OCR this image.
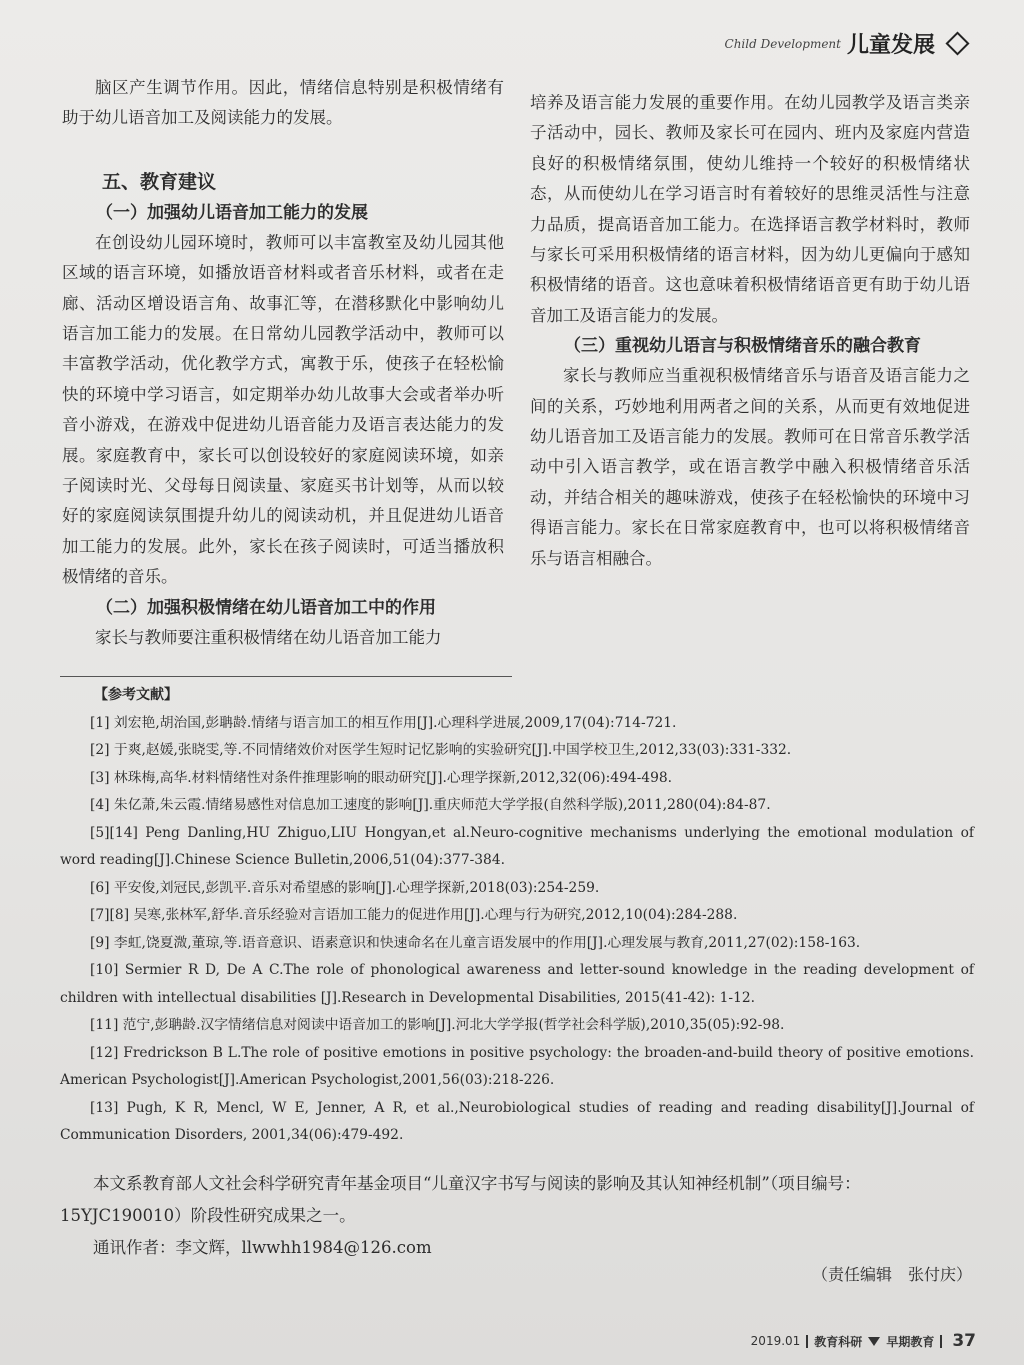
Child Development 儿童发展

脑区产生调节作用。因此，情绪信息特别是积极情绪有助于幼儿语音加工及阅读能力的发展。

五、教育建议
（一）加强幼儿语音加工能力的发展

在创设幼儿园环境时，教师可以丰富教室及幼儿园其他区域的语言环境，如播放语音材料或者音乐材料，或者在走廊、活动区增设语言角、故事汇等，在潜移默化中影响幼儿语言加工能力的发展。在日常幼儿园教学活动中，教师可以丰富教学活动，优化教学方式，寓教于乐，使孩子在轻松愉快的环境中学习语言，如定期举办幼儿故事大会或者举办听音小游戏，在游戏中促进幼儿语音能力及语言表达能力的发展。家庭教育中，家长可以创设较好的家庭阅读环境，如亲子阅读时光、父母每日阅读量、家庭买书计划等，从而以较好的家庭阅读氛围提升幼儿的阅读动机，并且促进幼儿语音加工能力的发展。此外，家长在孩子阅读时，可适当播放积极情绪的音乐。

（二）加强积极情绪在幼儿语音加工中的作用

家长与教师要注重积极情绪在幼儿语音加工能力

培养及语言能力发展的重要作用。在幼儿园教学及语言类亲子活动中，园长、教师及家长可在园内、班内及家庭内营造良好的积极情绪氛围，使幼儿维持一个较好的积极情绪状态，从而使幼儿在学习语言时有着较好的思维灵活性与注意力品质，提高语音加工能力。在选择语言教学材料时，教师与家长可采用积极情绪的语言材料，因为幼儿更偏向于感知积极情绪的语音。这也意味着积极情绪语音更有助于幼儿语音加工及语言能力的发展。

（三）重视幼儿语言与积极情绪音乐的融合教育

家长与教师应当重视积极情绪音乐与语音及语言能力之间的关系，巧妙地利用两者之间的关系，从而更有效地促进幼儿语音加工及语言能力的发展。教师可在日常音乐教学活动中引入语言教学，或在语言教学中融入积极情绪音乐活动，并结合相关的趣味游戏，使孩子在轻松愉快的环境中习得语言能力。家长在日常家庭教育中，也可以将积极情绪音乐与语言相融合。

【参考文献】

[1] 刘宏艳,胡治国,彭聃龄.情绪与语言加工的相互作用[J].心理科学进展,2009,17(04):714-721.

[2] 于爽,赵媛,张晓雯,等.不同情绪效价对医学生短时记忆影响的实验研究[J].中国学校卫生,2012,33(03):331-332.

[3] 林珠梅,高华.材料情绪性对条件推理影响的眼动研究[J].心理学探新,2012,32(06):494-498.

[4] 朱亿萧,朱云霞.情绪易感性对信息加工速度的影响[J].重庆师范大学学报(自然科学版),2011,280(04):84-87.

[5][14] Peng Danling,HU Zhiguo,LIU Hongyan,et al.Neuro-cognitive mechanisms underlying the emotional modulation of word reading[J].Chinese Science Bulletin,2006,51(04):377-384.

[6] 平安俊,刘冠民,彭凯平.音乐对希望感的影响[J].心理学探新,2018(03):254-259.

[7][8] 吴寒,张林军,舒华.音乐经验对言语加工能力的促进作用[J].心理与行为研究,2012,10(04):284-288.

[9] 李虹,饶夏溦,董琼,等.语音意识、语素意识和快速命名在儿童言语发展中的作用[J].心理发展与教育,2011,27(02):158-163.

[10] Sermier R D, De A C.The role of phonological awareness and letter-sound knowledge in the reading development of children with intellectual disabilities [J].Research in Developmental Disabilities, 2015(41-42): 1-12.

[11] 范宁,彭聃龄.汉字情绪信息对阅读中语音加工的影响[J].河北大学学报(哲学社会科学版),2010,35(05):92-98.

[12] Fredrickson B L.The role of positive emotions in positive psychology: the broaden-and-build theory of positive emotions. American Psychologist[J].American Psychologist,2001,56(03):218-226.

[13] Pugh, K R, Mencl, W E, Jenner, A R, et al.,Neurobiological studies of reading and reading disability[J].Journal of Communication Disorders, 2001,34(06):479-492.

本文系教育部人文社会科学研究青年基金项目“儿童汉字书写与阅读的影响及其认知神经机制”（项目编号：15YJC190010）阶段性研究成果之一。

通讯作者：李文辉，llwwhh1984@126.com

（责任编辑　张付庆）
2019.01 教育科研 早期教育 37
